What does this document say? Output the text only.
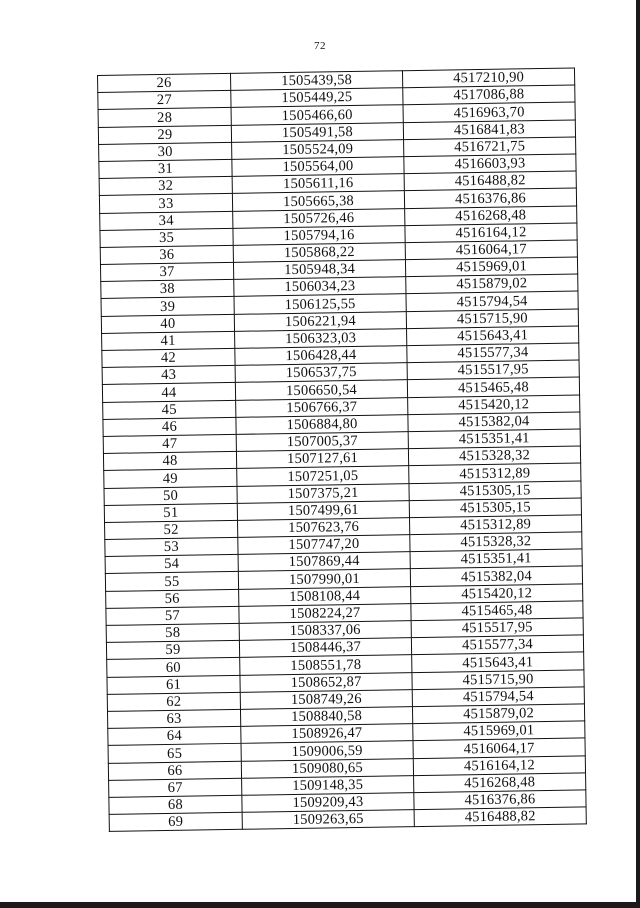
72
26	1505439,58	4517210,90
27	1505449,25	4517086,88
28	1505466,60	4516963,70
29	1505491,58	4516841,83
30	1505524,09	4516721,75
31	1505564,00	4516603,93
32	1505611,16	4516488,82
33	1505665,38	4516376,86
34	1505726,46	4516268,48
35	1505794,16	4516164,12
36	1505868,22	4516064,17
37	1505948,34	4515969,01
38	1506034,23	4515879,02
39	1506125,55	4515794,54
40	1506221,94	4515715,90
41	1506323,03	4515643,41
42	1506428,44	4515577,34
43	1506537,75	4515517,95
44	1506650,54	4515465,48
45	1506766,37	4515420,12
46	1506884,80	4515382,04
47	1507005,37	4515351,41
48	1507127,61	4515328,32
49	1507251,05	4515312,89
50	1507375,21	4515305,15
51	1507499,61	4515305,15
52	1507623,76	4515312,89
53	1507747,20	4515328,32
54	1507869,44	4515351,41
55	1507990,01	4515382,04
56	1508108,44	4515420,12
57	1508224,27	4515465,48
58	1508337,06	4515517,95
59	1508446,37	4515577,34
60	1508551,78	4515643,41
61	1508652,87	4515715,90
62	1508749,26	4515794,54
63	1508840,58	4515879,02
64	1508926,47	4515969,01
65	1509006,59	4516064,17
66	1509080,65	4516164,12
67	1509148,35	4516268,48
68	1509209,43	4516376,86
69	1509263,65	4516488,82
